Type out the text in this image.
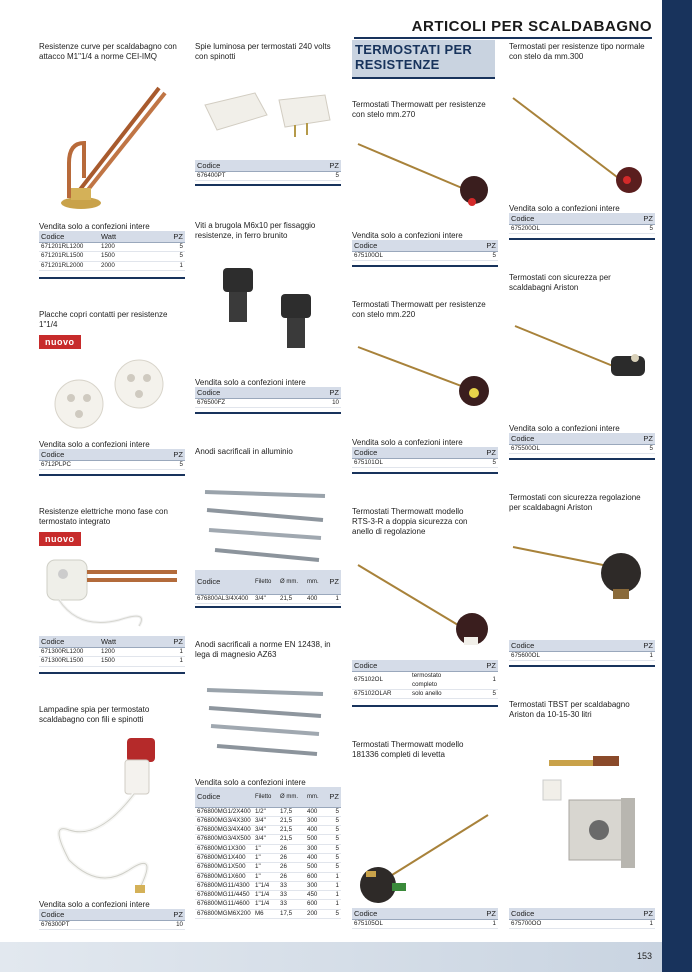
153
ARTICOLI PER SCALDABAGNO
Resistenze curve per scaldabagno con attacco M1"1/4 a norme CEI-IMQ
Vendita solo a confezioni intere
Codice	Watt	PZ
671201RL1200	1200	5
671201RL1500	1500	5
671201RL2000	2000	1
Placche copri contatti per resistenze 1"1/4
nuovo
Vendita solo a confezioni intere
Codice	PZ
6712PLPC	5
Resistenze elettriche mono fase con termostato integrato
nuovo
Codice	Watt	PZ
671300RL1200	1200	1
671300RL1500	1500	1
Lampadine spia per termostato scaldabagno con fili e spinotti
Vendita solo a confezioni intere
Codice	PZ
676300PT	10
Spie luminosa per termostati 240 volts con spinotti
Codice	PZ
676400PT	5
Viti a brugola M6x10 per fissaggio resistenze, in ferro brunito
Vendita solo a confezioni intere
Codice	PZ
676500FZ	10
Anodi sacrificali in alluminio
Codice	Filetto	Ø mm.	mm.	PZ
676800AL3/4X400	3/4"	21,5	400	1
Anodi sacrificali a norme EN 12438, in lega di magnesio AZ63
Vendita solo a confezioni intere
Codice	Filetto	Ø mm.	mm.	PZ
676800MG1/2X400	1/2"	17,5	400	5
676800MG3/4X300	3/4"	21,5	300	5
676800MG3/4X400	3/4"	21,5	400	5
676800MG3/4X500	3/4"	21,5	500	5
676800MG1X300	1"	26	300	5
676800MG1X400	1"	26	400	5
676800MG1X500	1"	26	500	5
676800MG1X600	1"	26	600	1
676800MG11/4300	1"1/4	33	300	1
676800MG11/4450	1"1/4	33	450	1
676800MG11/4600	1"1/4	33	600	1
676800MGM6X200	M6	17,5	200	5
TERMOSTATI PER RESISTENZE
Termostati Thermowatt per resistenze con stelo mm.270
Vendita solo a confezioni intere
Codice	PZ
675100OL	5
Termostati Thermowatt per resistenze con stelo mm.220
Vendita solo a confezioni intere
Codice	PZ
675101OL	5
Termostati Thermowatt modello RTS-3-R a doppia sicurezza con anello di regolazione
Codice		PZ
675102OL	termostato completo	1
675102OLAR	solo anello	5
Termostati Thermowatt modello 181336 completi di levetta
Codice	PZ
675105OL	1
Termostati per resistenze tipo normale con stelo da mm.300
Vendita solo a confezioni intere
Codice	PZ
675200OL	5
Termostati con sicurezza per scaldabagni Ariston
Vendita solo a confezioni intere
Codice	PZ
675500OL	5
Termostati con sicurezza regolazione per scaldabagni Ariston
Codice	PZ
675600OL	1
Termostati TBST per scaldabagno Ariston da 10-15-30 litri
Codice	PZ
675700OO	1
